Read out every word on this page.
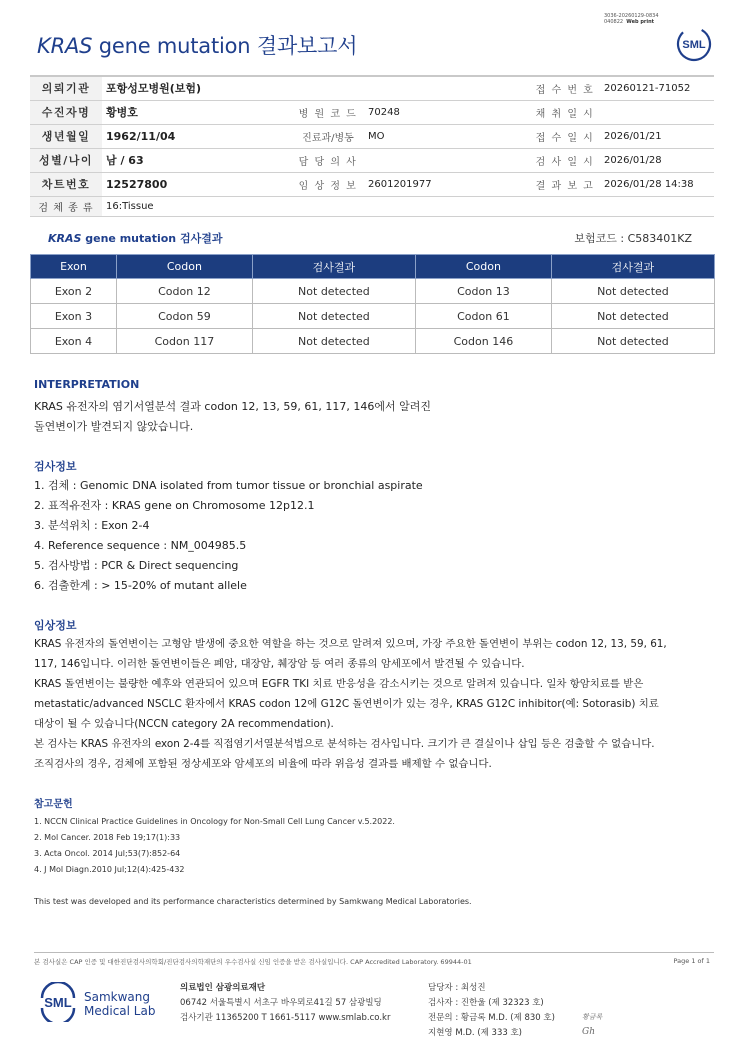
3036-20260129-0834
040822 Web print
KRAS gene mutation 결과보고서	SML
의뢰기관	포항성모병원(보험)				접 수 번 호	20260121-71052
수진자명	황병호	병 원 코 드	70248		채 취 일 시	
생년월일	1962/11/04	진료과/병동	MO		접 수 일 시	2026/01/21
성별/나이	남 / 63	담 당 의 사			검 사 일 시	2026/01/28
차트번호	12527800	임 상 정 보	2601201977		결 과 보 고	2026/01/28 14:38
검 체 종 류	16:Tissue					
KRAS gene mutation 검사결과	보험코드 : C583401KZ
Exon	Codon	검사결과	Codon	검사결과
Exon 2	Codon 12	Not detected	Codon 13	Not detected
Exon 3	Codon 59	Not detected	Codon 61	Not detected
Exon 4	Codon 117	Not detected	Codon 146	Not detected
INTERPRETATION
KRAS 유전자의 염기서열분석 결과 codon 12, 13, 59, 61, 117, 146에서 알려진
돌연변이가 발견되지 않았습니다.
검사정보
1. 검체 : Genomic DNA isolated from tumor tissue or bronchial aspirate
2. 표적유전자 : KRAS gene on Chromosome 12p12.1
3. 분석위치 : Exon 2-4
4. Reference sequence : NM_004985.5
5. 검사방법 : PCR & Direct sequencing
6. 검출한계 : > 15-20% of mutant allele
임상정보
KRAS 유전자의 돌연변이는 고형암 발생에 중요한 역할을 하는 것으로 알려져 있으며, 가장 주요한 돌연변이 부위는 codon 12, 13, 59, 61,
117, 146입니다. 이러한 돌연변이들은 폐암, 대장암, 췌장암 등 여러 종류의 암세포에서 발견될 수 있습니다.
KRAS 돌연변이는 불량한 예후와 연관되어 있으며 EGFR TKI 치료 반응성을 감소시키는 것으로 알려져 있습니다. 일차 항암치료를 받은
metastatic/advanced NSCLC 환자에서 KRAS codon 12에 G12C 돌연변이가 있는 경우, KRAS G12C inhibitor(예: Sotorasib) 치료
대상이 될 수 있습니다(NCCN category 2A recommendation).
본 검사는 KRAS 유전자의 exon 2-4를 직접염기서열분석법으로 분석하는 검사입니다. 크기가 큰 결실이나 삽입 등은 검출할 수 없습니다.
조직검사의 경우, 검체에 포함된 정상세포와 암세포의 비율에 따라 위음성 결과를 배제할 수 없습니다.
참고문헌
1. NCCN Clinical Practice Guidelines in Oncology for Non-Small Cell Lung Cancer v.5.2022.
2. Mol Cancer. 2018 Feb 19;17(1):33
3. Acta Oncol. 2014 Jul;53(7):852-64
4. J Mol Diagn.2010 Jul;12(4):425-432
This test was developed and its performance characteristics determined by Samkwang Medical Laboratories.
본 검사실은 CAP 인증 및 대한진단검사의학회/진단검사의학재단의 우수검사실 신임 인증을 받은 검사실입니다. CAP Accredited Laboratory. 69944-01	Page 1 of 1
SML Samkwang
Medical Lab
의료법인 삼광의료재단
06742 서울특별시 서초구 바우뫼로41길 57 삼광빌딩
검사기관 11365200 T 1661-5117 www.smlab.co.kr
담당자 : 최성진
검사자 : 진한울 (제 32323 호)
전문의 : 황금록 M.D. (제 830 호)
지현영 M.D. (제 333 호)
황금록
Gh
